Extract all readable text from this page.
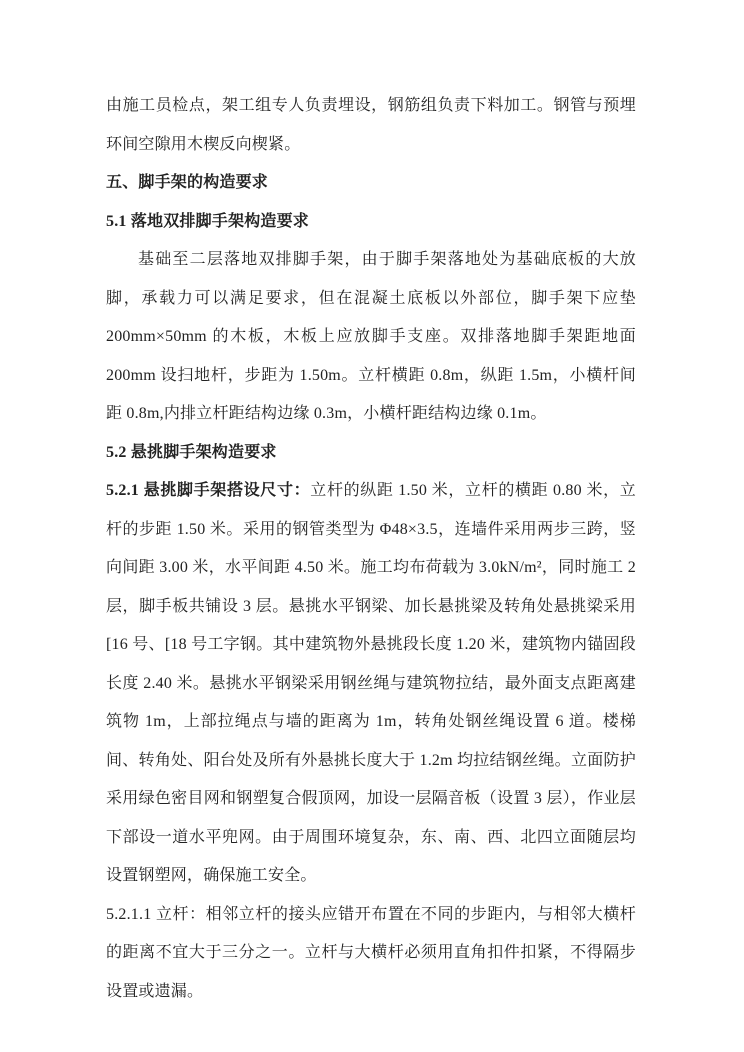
由施工员检点，架工组专人负责埋设，钢筋组负责下料加工。钢管与预埋环间空隙用木楔反向楔紧。

五、脚手架的构造要求
5.1 落地双排脚手架构造要求

基础至二层落地双排脚手架，由于脚手架落地处为基础底板的大放脚，承载力可以满足要求，但在混凝土底板以外部位，脚手架下应垫 200mm×50mm 的木板，木板上应放脚手支座。双排落地脚手架距地面 200mm 设扫地杆，步距为 1.50m。立杆横距 0.8m，纵距 1.5m，小横杆间距 0.8m,内排立杆距结构边缘 0.3m，小横杆距结构边缘 0.1m。

5.2 悬挑脚手架构造要求

5.2.1 悬挑脚手架搭设尺寸：立杆的纵距 1.50 米，立杆的横距 0.80 米，立杆的步距 1.50 米。采用的钢管类型为 Φ48×3.5，连墙件采用两步三跨，竖向间距 3.00 米，水平间距 4.50 米。施工均布荷载为 3.0kN/m²，同时施工 2 层，脚手板共铺设 3 层。悬挑水平钢梁、加长悬挑梁及转角处悬挑梁采用[16 号、[18 号工字钢。其中建筑物外悬挑段长度 1.20 米，建筑物内锚固段长度 2.40 米。悬挑水平钢梁采用钢丝绳与建筑物拉结，最外面支点距离建筑物 1m，上部拉绳点与墙的距离为 1m，转角处钢丝绳设置 6 道。楼梯间、转角处、阳台处及所有外悬挑长度大于 1.2m 均拉结钢丝绳。立面防护采用绿色密目网和钢塑复合假顶网，加设一层隔音板（设置 3 层），作业层下部设一道水平兜网。由于周围环境复杂，东、南、西、北四立面随层均设置钢塑网，确保施工安全。

5.2.1.1 立杆：相邻立杆的接头应错开布置在不同的步距内，与相邻大横杆的距离不宜大于三分之一。立杆与大横杆必须用直角扣件扣紧，不得隔步设置或遗漏。
